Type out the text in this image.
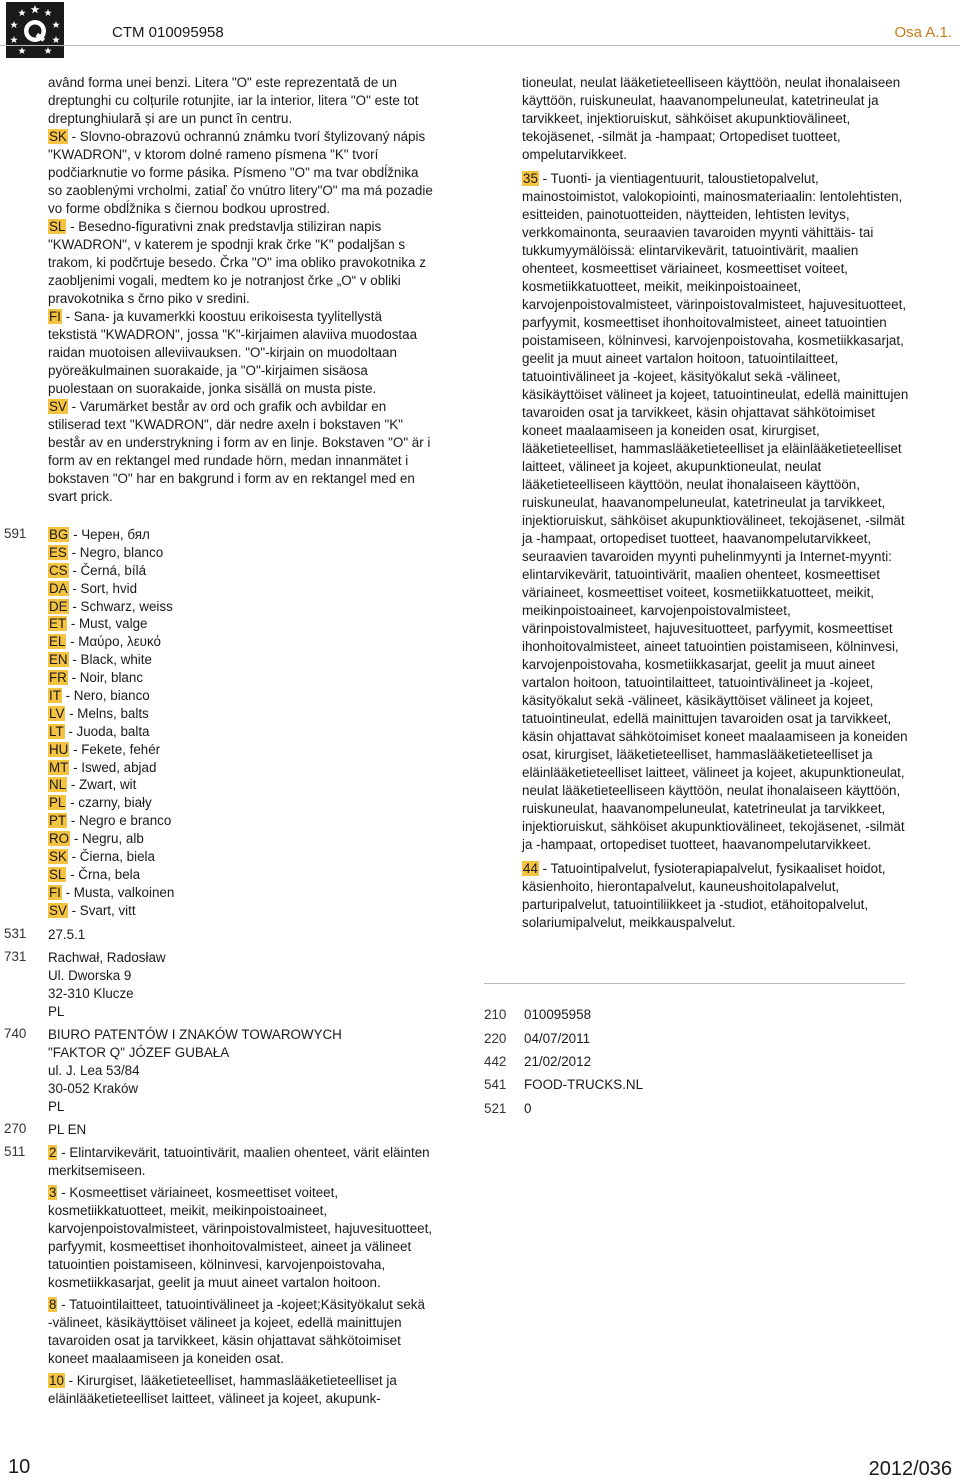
CTM 010095958	Osa A.1.

având forma unei benzi. Litera "O" este reprezentată de un dreptunghi cu colțurile rotunjite, iar la interior, litera "O" este tot dreptunghiulară și are un punct în centru.

SK - Slovno-obrazovú ochrannú známku tvorí štylizovaný nápis "KWADRON", v ktorom dolné rameno písmena "K" tvorí podčiarknutie vo forme pásika. Písmeno "O" ma tvar obdĺžnika so zaoblenými vrcholmi, zatiaľ čo vnútro litery"O" ma má pozadie vo forme obdĺžnika s čiernou bodkou uprostred.

SL - Besedno-figurativni znak predstavlja stiliziran napis "KWADRON", v katerem je spodnji krak črke "K" podaljšan s trakom, ki podčrtuje besedo. Črka "O" ima obliko pravokotnika z zaobljenimi vogali, medtem ko je notranjost črke „O“ v obliki pravokotnika s črno piko v sredini.

FI - Sana- ja kuvamerkki koostuu erikoisesta tyylitellystä tekstistä "KWADRON", jossa "K"-kirjaimen alaviiva muodostaa raidan muotoisen alleviivauksen. "O"-kirjain on muodoltaan pyöreäkulmainen suorakaide, ja "O"-kirjaimen sisäosa puolestaan on suorakaide, jonka sisällä on musta piste.

SV - Varumärket består av ord och grafik och avbildar en stiliserad text "KWADRON", där nedre axeln i bokstaven "K" består av en understrykning i form av en linje. Bokstaven "O" är i form av en rektangel med rundade hörn, medan innanmätet i bokstaven "O" har en bakgrund i form av en rektangel med en svart prick.

591 BG - Черен, бял
ES - Negro, blanco
CS - Černá, bílá
DA - Sort, hvid
DE - Schwarz, weiss
ET - Must, valge
EL - Μαύρο, λευκό
EN - Black, white
FR - Noir, blanc
IT - Nero, bianco
LV - Melns, balts
LT - Juoda, balta
HU - Fekete, fehér
MT - Iswed, abjad
NL - Zwart, wit
PL - czarny, biały
PT - Negro e branco
RO - Negru, alb
SK - Čierna, biela
SL - Črna, bela
FI - Musta, valkoinen
SV - Svart, vitt
531 27.5.1
731 Rachwał, Radosław
Ul. Dworska 9
32-310 Klucze
PL
740 BIURO PATENTÓW I ZNAKÓW TOWAROWYCH
"FAKTOR Q" JÓZEF GUBAŁA
ul. J. Lea 53/84
30-052 Kraków
PL
270 PL EN
511 2 - Elintarvikevärit, tatuointivärit, maalien ohenteet, värit eläinten merkitsemiseen.

3 - Kosmeettiset väriaineet, kosmeettiset voiteet, kosmetiikkatuotteet, meikit, meikinpoistoaineet, karvojenpoistovalmisteet, värinpoistovalmisteet, hajuvesituotteet, parfyymit, kosmeettiset ihonhoitovalmisteet, aineet ja välineet tatuointien poistamiseen, kölninvesi, karvojenpoistovaha, kosmetiikkasarjat, geelit ja muut aineet vartalon hoitoon.

8 - Tatuointilaitteet, tatuointivälineet ja -kojeet;Käsityökalut sekä -välineet, käsikäyttöiset välineet ja kojeet, edellä mainittujen tavaroiden osat ja tarvikkeet, käsin ohjattavat sähkötoimiset koneet maalaamiseen ja koneiden osat.

10 - Kirurgiset, lääketieteelliset, hammaslääketieteelliset ja eläinlääketieteelliset laitteet, välineet ja kojeet, akupunk-

tioneulat, neulat lääketieteelliseen käyttöön, neulat ihonalaiseen käyttöön, ruiskuneulat, haavanompeluneulat, katetrineulat ja tarvikkeet, injektioruiskut, sähköiset akupunktiovälineet, tekojäsenet, -silmät ja -hampaat; Ortopediset tuotteet, ompelutarvikkeet.

35 - Tuonti- ja vientiagentuurit, taloustietopalvelut, mainostoimistot, valokopiointi, mainosmateriaalin: lentolehtisten, esitteiden, painotuotteiden, näytteiden, lehtisten levitys, verkkomainonta, seuraavien tavaroiden myynti vähittäis- tai tukkumyymälöissä: elintarvikevärit, tatuointivärit, maalien ohenteet, kosmeettiset väriaineet, kosmeettiset voiteet, kosmetiikkatuotteet, meikit, meikinpoistoaineet, karvojenpoistovalmisteet, värinpoistovalmisteet, hajuvesituotteet, parfyymit, kosmeettiset ihonhoitovalmisteet, aineet tatuointien poistamiseen, kölninvesi, karvojenpoistovaha, kosmetiikkasarjat, geelit ja muut aineet vartalon hoitoon, tatuointilaitteet, tatuointivälineet ja -kojeet, käsityökalut sekä -välineet, käsikäyttöiset välineet ja kojeet, tatuointineulat, edellä mainittujen tavaroiden osat ja tarvikkeet, käsin ohjattavat sähkötoimiset koneet maalaamiseen ja koneiden osat, kirurgiset, lääketieteelliset, hammaslääketieteelliset ja eläinlääketieteelliset laitteet, välineet ja kojeet, akupunktioneulat, neulat lääketieteelliseen käyttöön, neulat ihonalaiseen käyttöön, ruiskuneulat, haavanompeluneulat, katetrineulat ja tarvikkeet, injektioruiskut, sähköiset akupunktiovälineet, tekojäsenet, -silmät ja -hampaat, ortopediset tuotteet, haavanompelutarvikkeet, seuraavien tavaroiden myynti puhelinmyynti ja Internet-myynti: elintarvikevärit, tatuointivärit, maalien ohenteet, kosmeettiset väriaineet, kosmeettiset voiteet, kosmetiikkatuotteet, meikit, meikinpoistoaineet, karvojenpoistovalmisteet, värinpoistovalmisteet, hajuvesituotteet, parfyymit, kosmeettiset ihonhoitovalmisteet, aineet tatuointien poistamiseen, kölninvesi, karvojenpoistovaha, kosmetiikkasarjat, geelit ja muut aineet vartalon hoitoon, tatuointilaitteet, tatuointivälineet ja -kojeet, käsityökalut sekä -välineet, käsikäyttöiset välineet ja kojeet, tatuointineulat, edellä mainittujen tavaroiden osat ja tarvikkeet, käsin ohjattavat sähkötoimiset koneet maalaamiseen ja koneiden osat, kirurgiset, lääketieteelliset, hammaslääketieteelliset ja eläinlääketieteelliset laitteet, välineet ja kojeet, akupunktioneulat, neulat lääketieteelliseen käyttöön, neulat ihonalaiseen käyttöön, ruiskuneulat, haavanompeluneulat, katetrineulat ja tarvikkeet, injektioruiskut, sähköiset akupunktiovälineet, tekojäsenet, -silmät ja -hampaat, ortopediset tuotteet, haavanompelutarvikkeet.

44 - Tatuointipalvelut, fysioterapiapalvelut, fysikaaliset hoidot, käsienhoito, hierontapalvelut, kauneushoitolapalvelut, parturipalvelut, tatuointiliikkeet ja -studiot, etähoitopalvelut, solariumipalvelut, meikkauspalvelut.

210 010095958
220 04/07/2011
442 21/02/2012
541 FOOD-TRUCKS.NL
521 0
10	2012/036
